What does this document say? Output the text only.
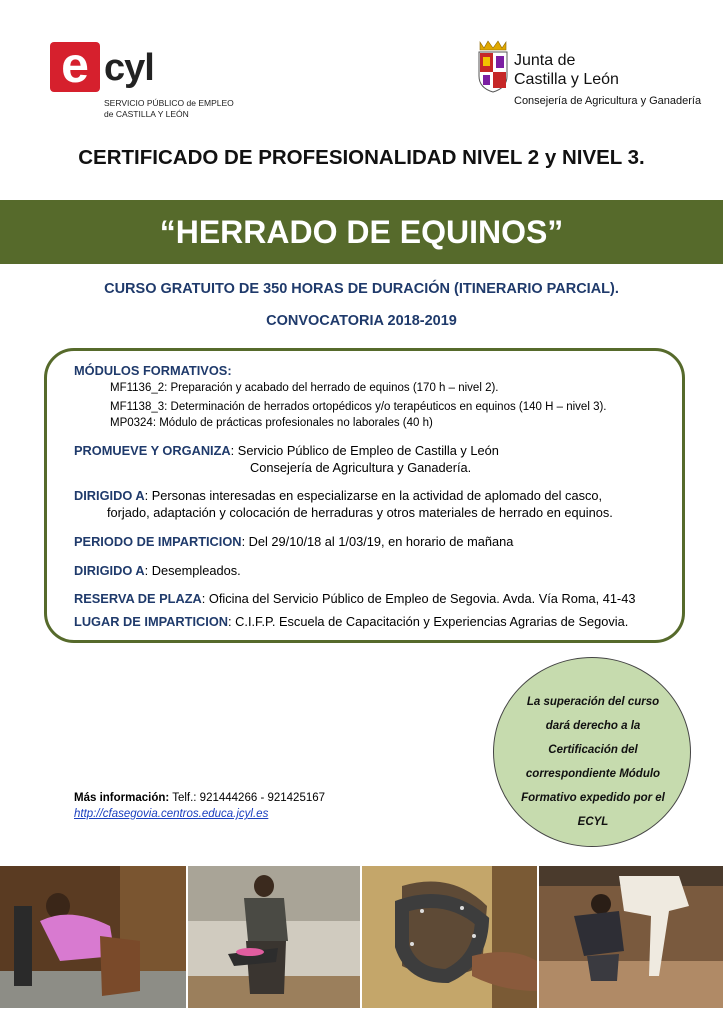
e cyl
SERVICIO PÚBLICO de EMPLEO
de CASTILLA Y LEÓN
Junta de
Castilla y León
Consejería de Agricultura y Ganadería
CERTIFICADO DE PROFESIONALIDAD NIVEL 2 y NIVEL 3.
“HERRADO DE EQUINOS”
CURSO GRATUITO DE 350 HORAS DE DURACIÓN (ITINERARIO PARCIAL).
CONVOCATORIA 2018-2019
MÓDULOS FORMATIVOS:
MF1136_2: Preparación y acabado del herrado de equinos (170 h – nivel 2).
MF1138_3: Determinación de herrados ortopédicos y/o terapéuticos en equinos (140 H – nivel 3).
MP0324: Módulo de prácticas profesionales no laborales (40 h)
PROMUEVE Y ORGANIZA: Servicio Público de Empleo de Castilla y León
Consejería de Agricultura y Ganadería.
DIRIGIDO A: Personas interesadas en especializarse en la actividad de aplomado del casco,
forjado, adaptación y colocación de herraduras y otros materiales de herrado en equinos.
PERIODO DE IMPARTICION: Del 29/10/18 al 1/03/19, en horario de mañana
DIRIGIDO A: Desempleados.
RESERVA DE PLAZA: Oficina del Servicio Público de Empleo de Segovia. Avda. Vía Roma, 41-43
LUGAR DE IMPARTICION: C.I.F.P. Escuela de Capacitación y Experiencias Agrarias de Segovia.
La superación del curso
dará derecho a la
Certificación del
correspondiente Módulo
Formativo expedido por el
ECYL
Más información: Telf.: 921444266 - 921425167
http://cfasegovia.centros.educa.jcyl.es
